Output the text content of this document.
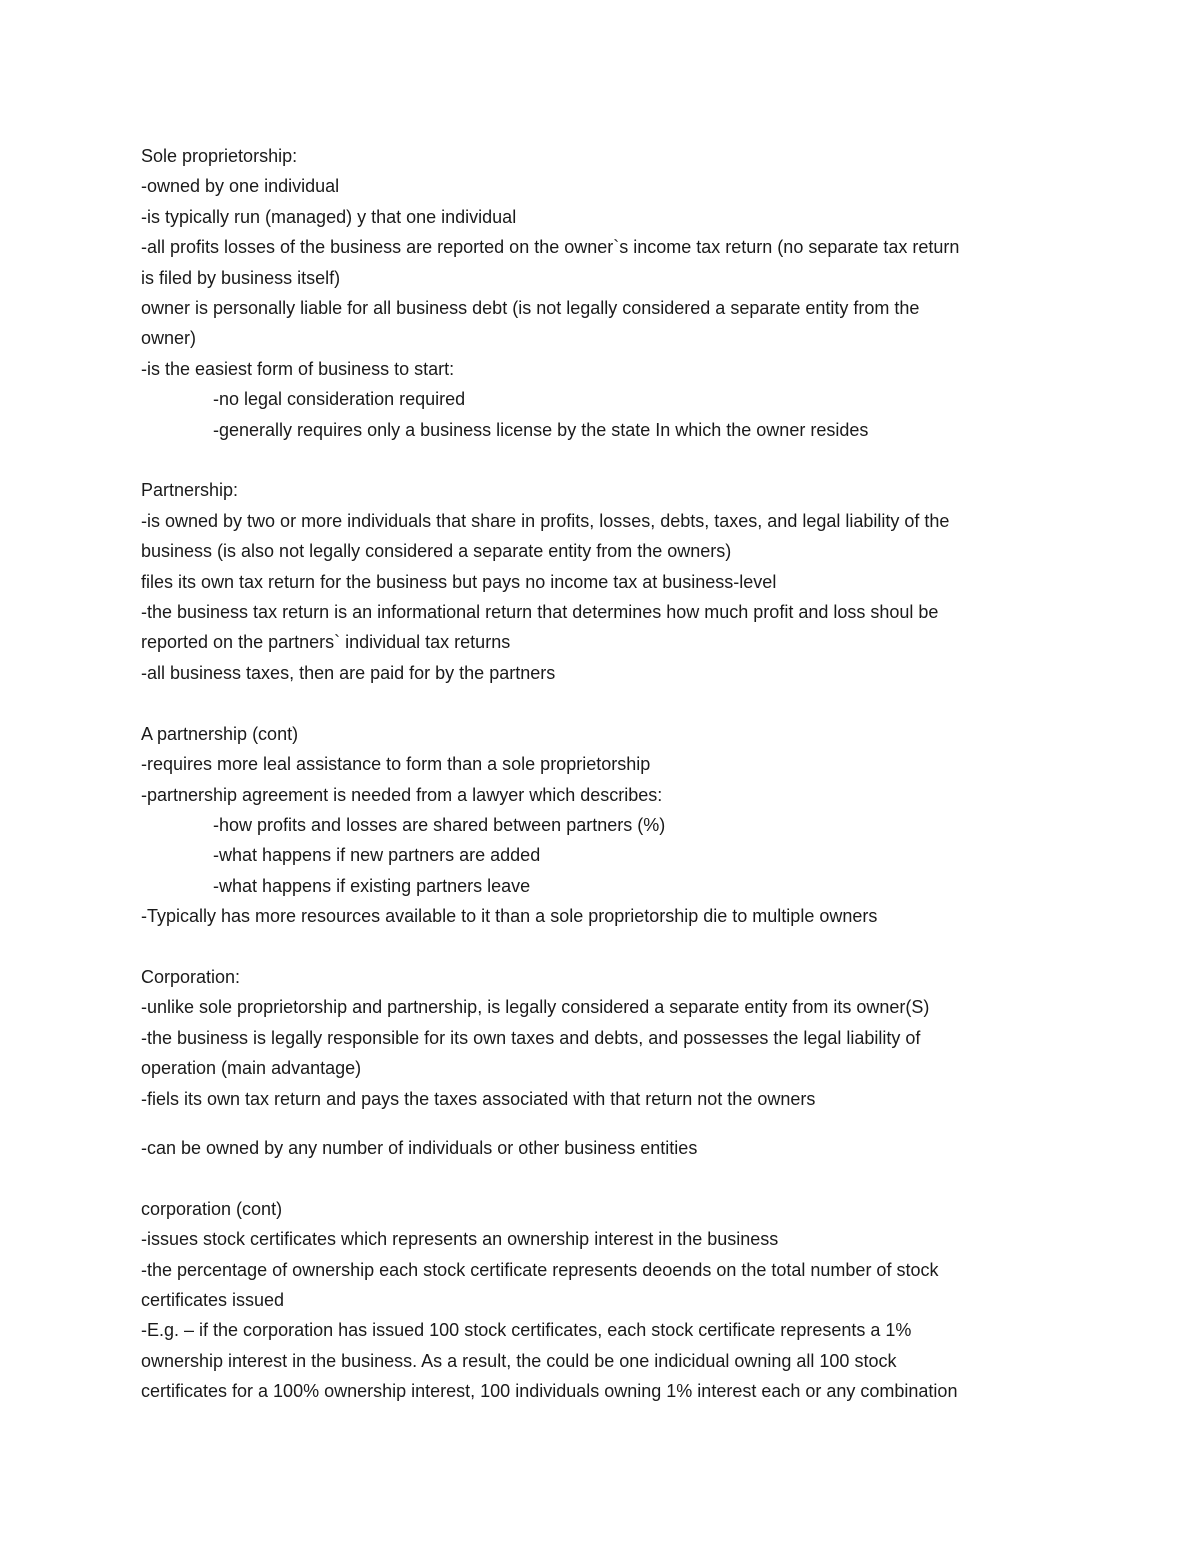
Sole proprietorship:

-owned by one individual

-is typically run (managed) y that one individual

-all profits losses of the business are reported on the owner`s income tax return (no separate tax return

is filed by business itself)

owner is personally liable for all business debt (is not legally considered a separate entity from the

owner)

-is the easiest form of business to start:

-no legal consideration required

-generally requires only a business license by the state In which the owner resides

Partnership:

-is owned by two or more individuals that share in profits, losses, debts, taxes, and legal liability of the

business (is also not legally considered a separate entity from the owners)

files its own tax return for the business but pays no income tax at business-level

-the business tax return is an informational return that determines how much profit and loss shoul be

reported on the partners` individual tax returns

-all business taxes, then are paid for by the partners

A partnership (cont)

-requires more leal assistance to form than a sole proprietorship

-partnership agreement is needed from a lawyer which describes:

-how profits and losses are shared between partners (%)

-what happens if new partners are added

-what happens if existing partners leave

-Typically has more resources available to it than a sole proprietorship die to multiple owners

Corporation:

-unlike sole proprietorship and partnership, is legally considered a separate entity from its owner(S)

-the business is legally responsible for its own taxes and debts, and possesses the legal liability of

operation (main advantage)

-fiels its own tax return and pays the taxes associated with that return not the owners

-can be owned by any number of individuals or other business entities

corporation (cont)

-issues stock certificates which represents an ownership interest in the business

-the percentage of ownership each stock certificate represents deoends on the total number of stock

certificates issued

-E.g. – if the corporation has issued 100 stock certificates, each stock certificate represents a 1%

ownership interest in the business. As a result, the could be one indicidual owning all 100 stock

certificates for a 100% ownership interest, 100 individuals owning 1% interest each or any combination
